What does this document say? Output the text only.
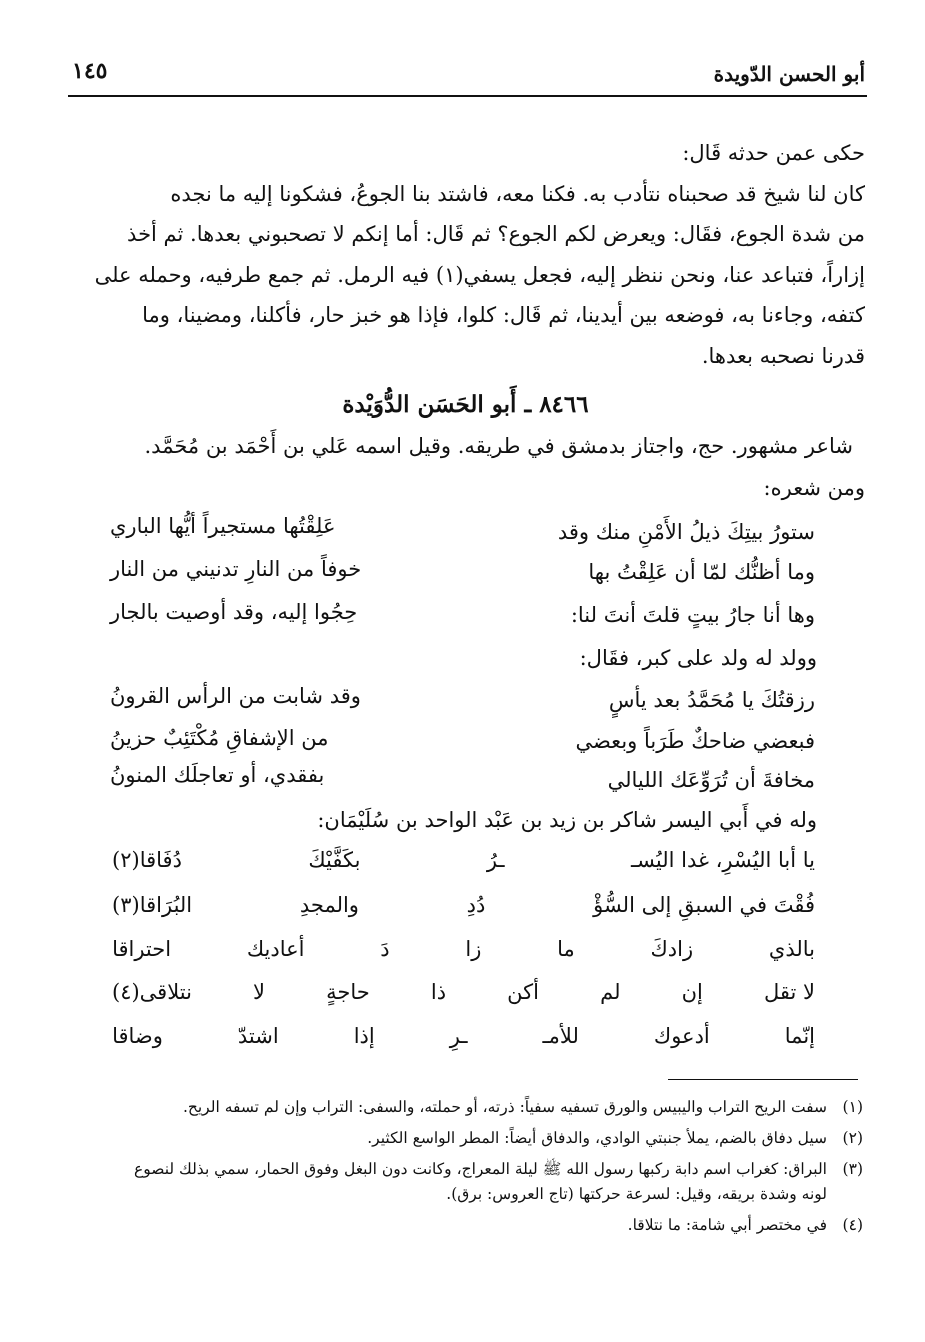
أبو الحسن الدّويدة
١٤٥

حكى عمن حدثه قَال:

كان لنا شيخ قد صحبناه نتأدب به. فكنا معه، فاشتد بنا الجوعُ، فشكونا إليه ما نجده

من شدة الجوع، فقَال: ويعرض لكم الجوع؟ ثم قَال: أما إنكم لا تصحبوني بعدها. ثم أخذ

إزاراً، فتباعد عنا، ونحن ننظر إليه، فجعل يسفي(١) فيه الرمل. ثم جمع طرفيه، وحمله على

كتفه، وجاءنا به، فوضعه بين أيدينا، ثم قَال: كلوا، فإذا هو خبز حار، فأكلنا، ومضينا، وما

قدرنا نصحبه بعدها.

٨٤٦٦ ـ أَبو الحَسَن الدُّوَيْدة
شاعر مشهور. حج، واجتاز بدمشق في طريقه. وقيل اسمه عَلي بن أَحْمَد بن مُحَمَّد.
ومن شعره:
ستورُ بيتِكَ ذيلُ الأَمْنِ منك وقد
عَلِقْتُها مستجيراً أيُّها الباري
وما أظنُّك لمّا أن عَلِقْتُ بها
خوفاً من النارِ تدنيني من النار
وها أنا جارُ بيتٍ قلتَ أنتَ لنا:
حِجُوا إليه، وقد أوصيت بالجار
وولد له ولد على كبر، فقَال:
رزقتُكَ يا مُحَمَّدُ بعد يأسٍ
وقد شابت من الرأس القرونُ
فبعضي ضاحكٌ طَرَباً وبعضي
من الإشفاقِ مُكْتَئِبٌ حزينُ
مخافةَ أن تُرَوِّعَك الليالي
بفقدي، أو تعاجلَك المنونُ
وله في أَبي اليسر شاكر بن زيد بن عَبْد الواحد بن سُلَيْمَان:
يا أبا اليُسْرِ، غدا اليُسـ
ـرُ
بكَفَّيْكَ
دُفَاقا(٢)
فُقْتَ في السبقِ إلى السُّؤْ
دُدِ
والمجدِ
البُرَاقا(٣)
بالذي
زادكَ
ما
زا
دَ
أعاديك
احتراقا
لا تقل
إن
لم
أكن
ذا
حاجةٍ
لا
نتلاقى(٤)
إنّما
أدعوك
للأمـ
ـرِ
إذا
اشتدّ
وضاقا
(١)سفت الريح التراب واليبيس والورق تسفيه سفياً: ذرته، أو حملته، والسفى: التراب وإن لم تسفه الريح.
(٢)سيل دفاق بالضم، يملأ جنبتي الوادي، والدفاق أيضاً: المطر الواسع الكثير.
(٣)البراق: كغراب اسم دابة ركبها رسول الله ﷺ ليلة المعراج، وكانت دون البغل وفوق الحمار، سمي بذلك لنصوع
لونه وشدة بريقه، وقيل: لسرعة حركتها (تاج العروس: برق).
(٤)في مختصر أبي شامة: ما نتلاقا.
